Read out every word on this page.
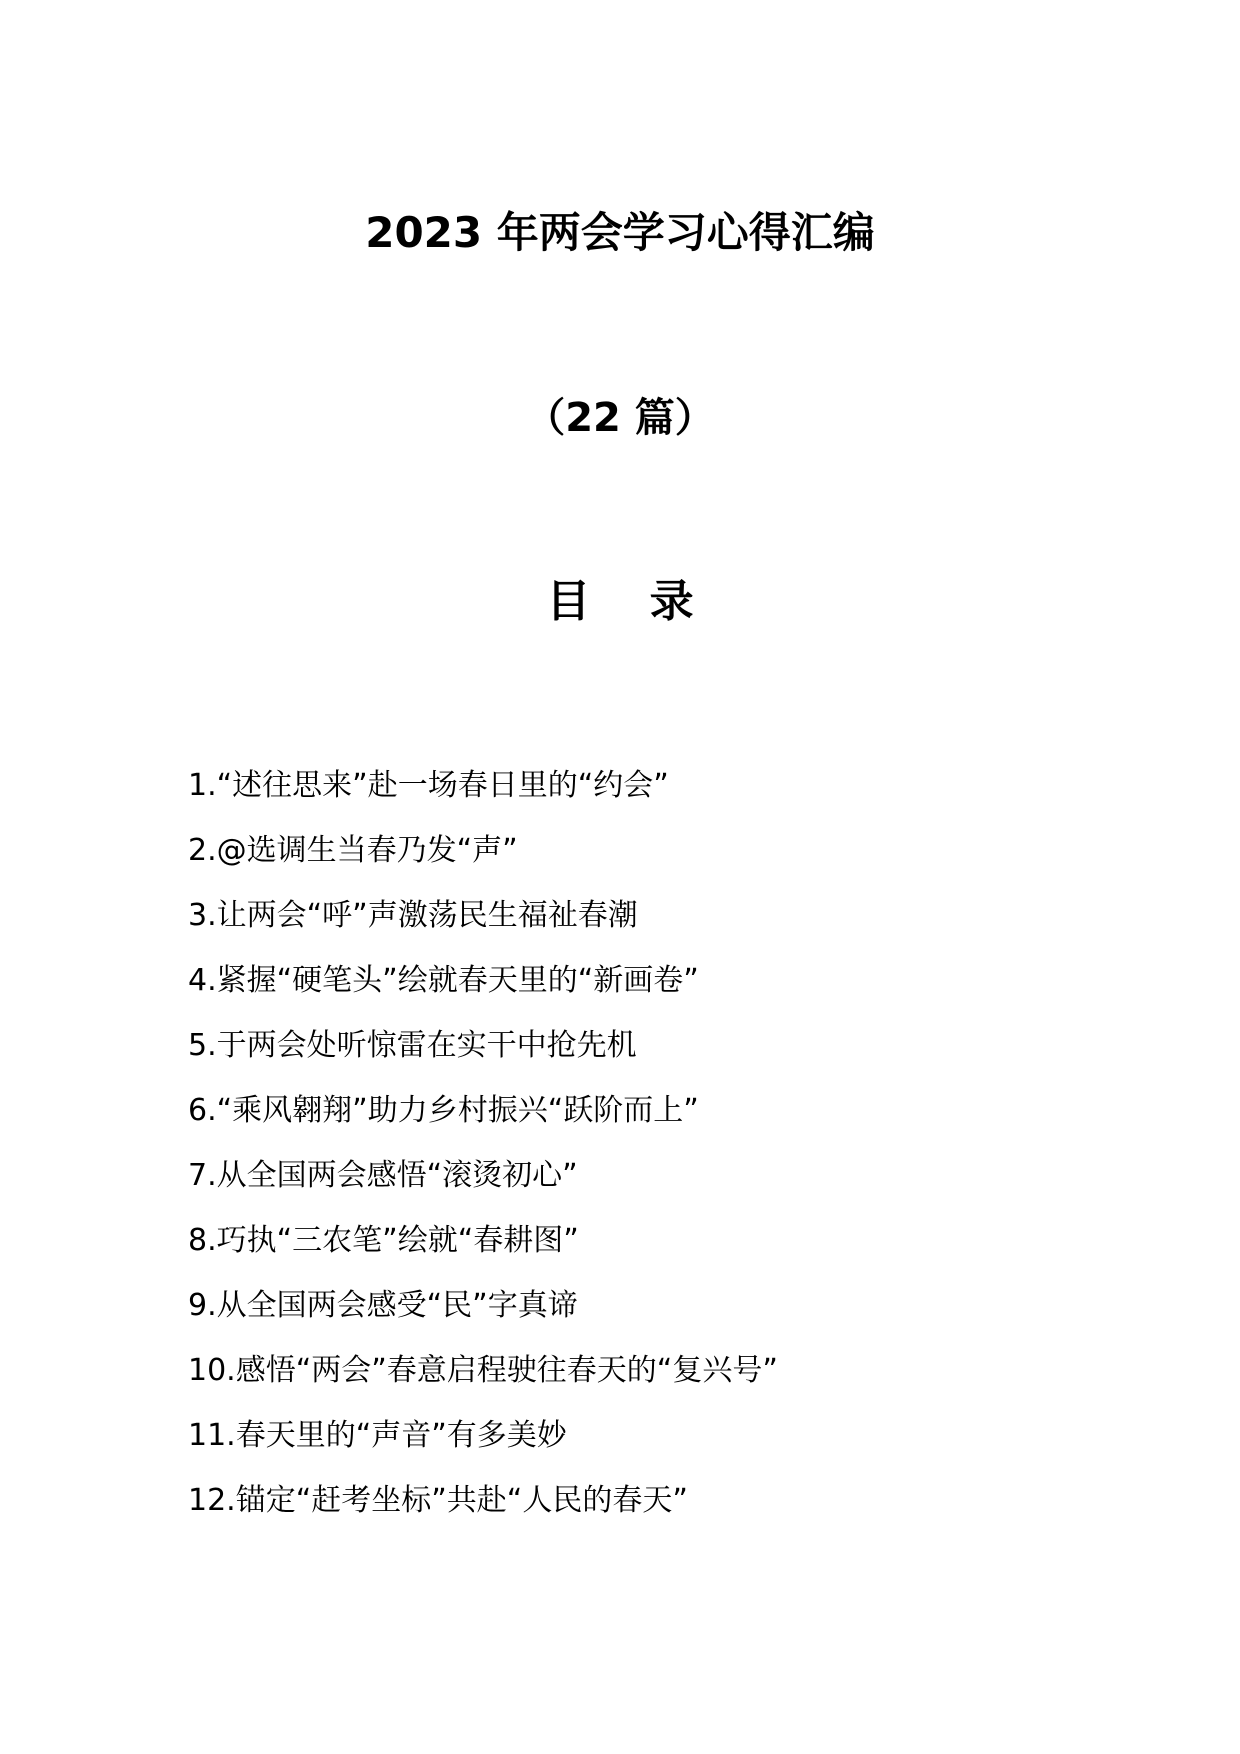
2023 年两会学习心得汇编
（22 篇）
目 录
1.“述往思来”赴一场春日里的“约会”
2.@选调生当春乃发“声”
3.让两会“呼”声激荡民生福祉春潮
4.紧握“硬笔头”绘就春天里的“新画卷”
5.于两会处听惊雷在实干中抢先机
6.“乘风翱翔”助力乡村振兴“跃阶而上”
7.从全国两会感悟“滚烫初心”
8.巧执“三农笔”绘就“春耕图”
9.从全国两会感受“民”字真谛
10.感悟“两会”春意启程驶往春天的“复兴号”
11.春天里的“声音”有多美妙
12.锚定“赶考坐标”共赴“人民的春天”
